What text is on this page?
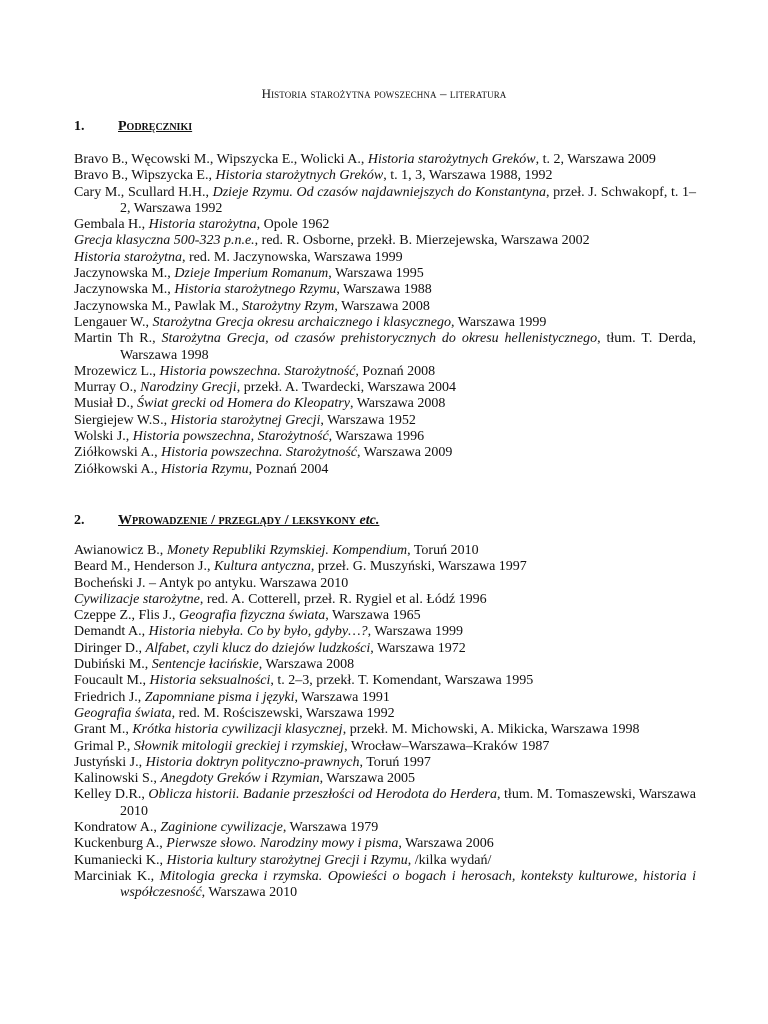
Historia starożytna powszechna – literatura
1. Podręczniki
Bravo B., Węcowski M., Wipszycka E., Wolicki A., Historia starożytnych Greków, t. 2, Warszawa 2009
Bravo B., Wipszycka E., Historia starożytnych Greków, t. 1, 3, Warszawa 1988, 1992
Cary M., Scullard H.H., Dzieje Rzymu. Od czasów najdawniejszych do Konstantyna, przeł. J. Schwakopf, t. 1–2, Warszawa 1992
Gembala H., Historia starożytna, Opole 1962
Grecja klasyczna 500-323 p.n.e., red. R. Osborne, przekł. B. Mierzejewska, Warszawa 2002
Historia starożytna, red. M. Jaczynowska, Warszawa 1999
Jaczynowska M., Dzieje Imperium Romanum, Warszawa 1995
Jaczynowska M., Historia starożytnego Rzymu, Warszawa 1988
Jaczynowska M., Pawlak M., Starożytny Rzym, Warszawa 2008
Lengauer W., Starożytna Grecja okresu archaicznego i klasycznego, Warszawa 1999
Martin Th R., Starożytna Grecja, od czasów prehistorycznych do okresu hellenistycznego, tłum. T. Derda, Warszawa 1998
Mrozewicz L., Historia powszechna. Starożytność, Poznań 2008
Murray O., Narodziny Grecji, przekł. A. Twardecki, Warszawa 2004
Musiał D., Świat grecki od Homera do Kleopatry, Warszawa 2008
Siergiejew W.S., Historia starożytnej Grecji, Warszawa 1952
Wolski J., Historia powszechna, Starożytność, Warszawa 1996
Ziółkowski A., Historia powszechna. Starożytność, Warszawa 2009
Ziółkowski A., Historia Rzymu, Poznań 2004
2. Wprowadzenie / przeglądy / leksykony etc.
Awianowicz B., Monety Republiki Rzymskiej. Kompendium, Toruń 2010
Beard M., Henderson J., Kultura antyczna, przeł. G. Muszyński, Warszawa 1997
Bocheński J. – Antyk po antyku. Warszawa 2010
Cywilizacje starożytne, red. A. Cotterell, przeł. R. Rygiel et al. Łódź 1996
Czeppe Z., Flis J., Geografia fizyczna świata, Warszawa 1965
Demandt A., Historia niebyła. Co by było, gdyby…?, Warszawa 1999
Diringer D., Alfabet, czyli klucz do dziejów ludzkości, Warszawa 1972
Dubiński M., Sentencje łacińskie, Warszawa 2008
Foucault M., Historia seksualności, t. 2–3, przekł. T. Komendant, Warszawa 1995
Friedrich J., Zapomniane pisma i języki, Warszawa 1991
Geografia świata, red. M. Rościszewski, Warszawa 1992
Grant M., Krótka historia cywilizacji klasycznej, przekł. M. Michowski, A. Mikicka, Warszawa 1998
Grimal P., Słownik mitologii greckiej i rzymskiej, Wrocław–Warszawa–Kraków 1987
Justyński J., Historia doktryn polityczno-prawnych, Toruń 1997
Kalinowski S., Anegdoty Greków i Rzymian, Warszawa 2005
Kelley D.R., Oblicza historii. Badanie przeszłości od Herodota do Herdera, tłum. M. Tomaszewski, Warszawa 2010
Kondratow A., Zaginione cywilizacje, Warszawa 1979
Kuckenburg A., Pierwsze słowo. Narodziny mowy i pisma, Warszawa 2006
Kumaniecki K., Historia kultury starożytnej Grecji i Rzymu, /kilka wydań/
Marciniak K., Mitologia grecka i rzymska. Opowieści o bogach i herosach, konteksty kulturowe, historia i współczesność, Warszawa 2010
